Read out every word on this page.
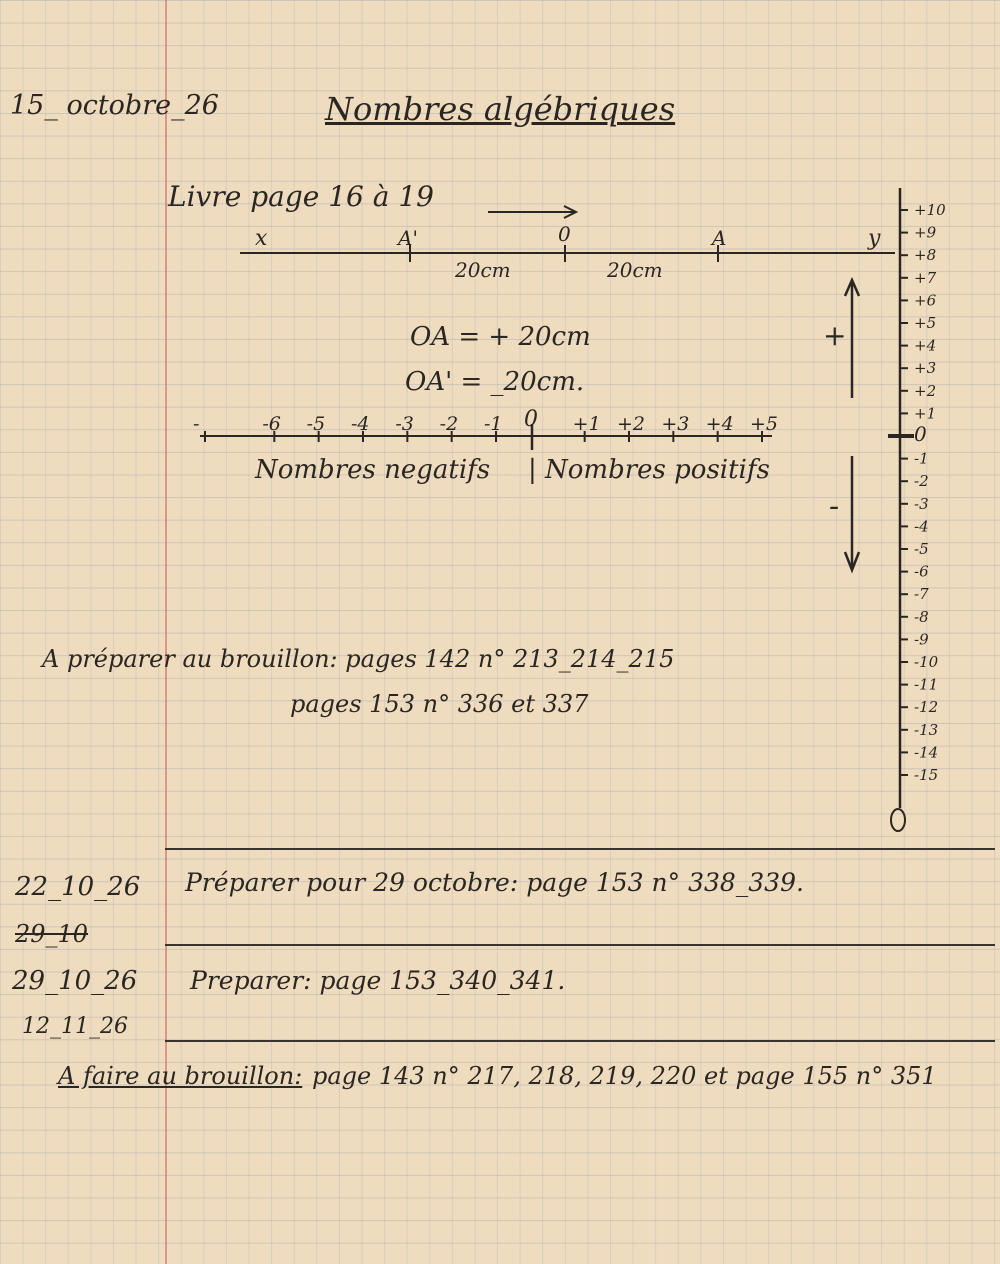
15_ octobre_26	Nombres algébriques
Livre page 16 à 19
x	A'	0	A	y
20cm	20cm
OA = + 20cm
OA' = _20cm.
-	-6 -5 -4 -3 -2 -1 0 +1 +2 +3 +4 +5
Nombres negatifs | Nombres positifs
+10
+9
+8
+7
+6
+5
+4
+3
+2
+1
0
-1
-2
-3
-4
-5
-6
-7
-8
-9
-10
-11
-12
-13
-14
-15
+
-
A préparer au brouillon: pages 142 n° 213_214_215
pages 153 n° 336 et 337
22_10_26 Préparer pour 29 octobre: page 153 n° 338_339.
29_10
29_10_26 Preparer: page 153_340_341.
12_11_26
A faire au brouillon: page 143 n° 217, 218, 219, 220 et page 155 n° 351
